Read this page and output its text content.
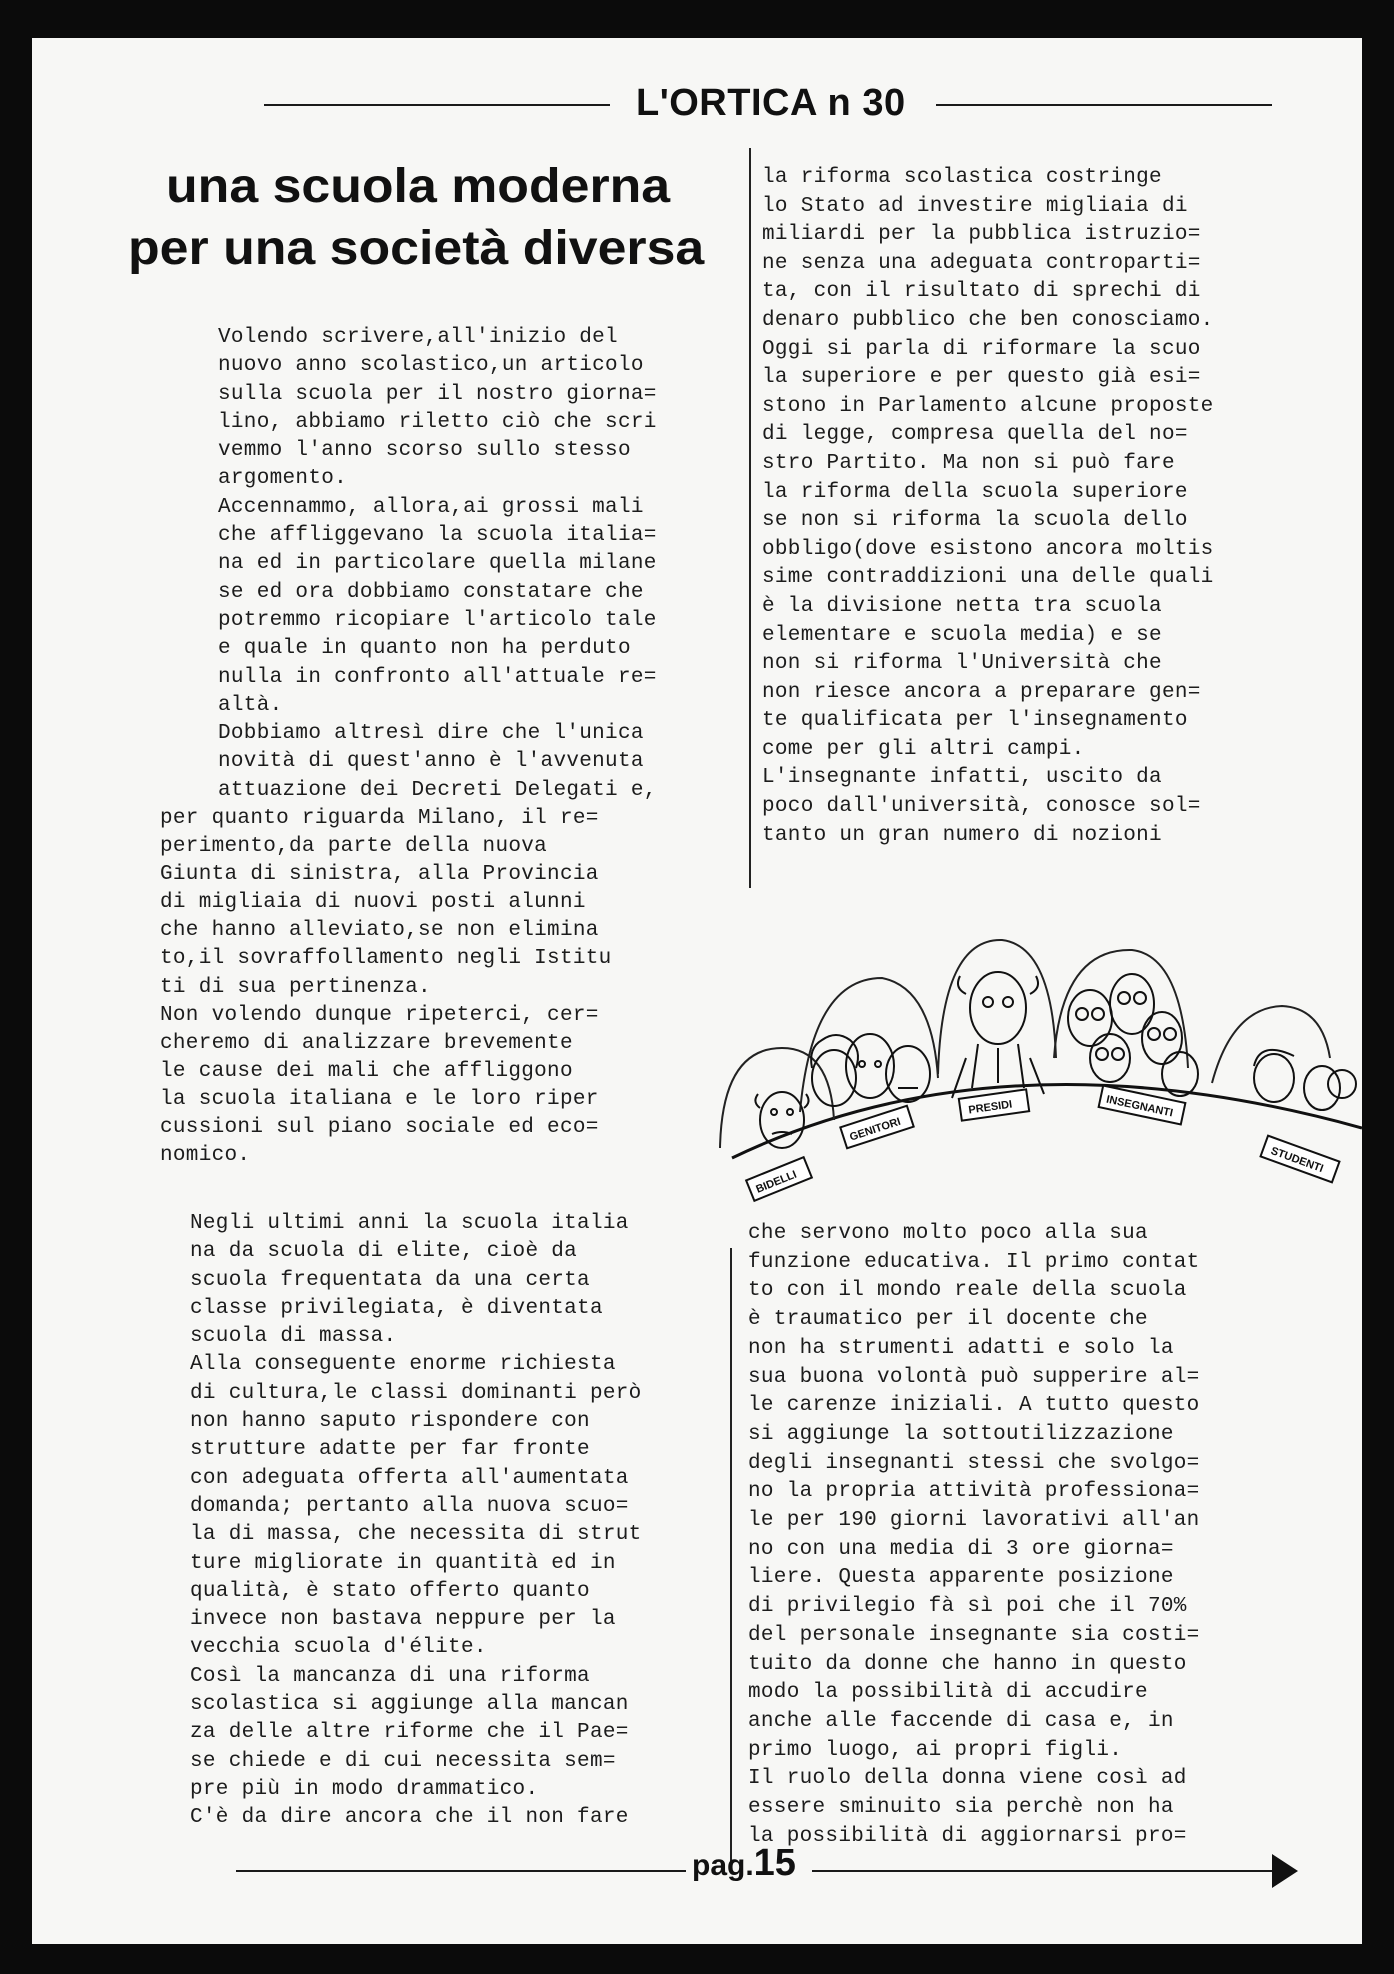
L'ORTICA n 30
una scuola moderna
per una società diversa
Volendo scrivere,all'inizio del
nuovo anno scolastico,un articolo
sulla scuola per il nostro giorna=
lino, abbiamo riletto ciò che scri
vemmo l'anno scorso sullo stesso
argomento.
Accennammo, allora,ai grossi mali
che affliggevano la scuola italia=
na ed in particolare quella milane
se ed ora dobbiamo constatare che
potremmo ricopiare l'articolo tale
e quale in quanto non ha perduto
nulla in confronto all'attuale re=
altà.
Dobbiamo altresì dire che l'unica
novità di quest'anno è l'avvenuta
attuazione dei Decreti Delegati e,
per quanto riguarda Milano, il re=
perimento,da parte della nuova
Giunta di sinistra, alla Provincia
di migliaia di nuovi posti alunni
che hanno alleviato,se non elimina
to,il sovraffollamento negli Istitu
ti di sua pertinenza.
Non volendo dunque ripeterci, cer=
cheremo di analizzare brevemente
le cause dei mali che affliggono
la scuola italiana e le loro riper
cussioni sul piano sociale ed eco=
nomico.
la riforma scolastica costringe
lo Stato ad investire migliaia di
miliardi per la pubblica istruzio=
ne senza una adeguata controparti=
ta, con il risultato di sprechi di
denaro pubblico che ben conosciamo.
Oggi si parla di riformare la scuo
la superiore e per questo già esi=
stono in Parlamento alcune proposte
di legge, compresa quella del no=
stro Partito. Ma non si può fare
la riforma della scuola superiore
se non si riforma la scuola dello
obbligo(dove esistono ancora moltis
sime contraddizioni una delle quali
è la divisione netta tra scuola
elementare e scuola media) e se
non si riforma l'Università che
non riesce ancora a preparare gen=
te qualificata per l'insegnamento
come per gli altri campi.
L'insegnante infatti, uscito da
poco dall'università, conosce sol=
tanto un gran numero di nozioni
Negli ultimi anni la scuola italia
na da scuola di elite, cioè da
scuola frequentata da una certa
classe privilegiata, è diventata
scuola di massa.
Alla conseguente enorme richiesta
di cultura,le classi dominanti però
non hanno saputo rispondere con
strutture adatte per far fronte
con adeguata offerta all'aumentata
domanda; pertanto alla nuova scuo=
la di massa, che necessita di strut
ture migliorate in quantità ed in
qualità, è stato offerto quanto
invece non bastava neppure per la
vecchia scuola d'élite.
Così la mancanza di una riforma
scolastica si aggiunge alla mancan
za delle altre riforme che il Pae=
se chiede e di cui necessita sem=
pre più in modo drammatico.
C'è da dire ancora che il non fare
che servono molto poco alla sua
funzione educativa. Il primo contat
to con il mondo reale della scuola
è traumatico per il docente che
non ha strumenti adatti e solo la
sua buona volontà può supperire al=
le carenze iniziali. A tutto questo
si aggiunge la sottoutilizzazione
degli insegnanti stessi che svolgo=
no la propria attività professiona=
le per 190 giorni lavorativi all'an
no con una media di 3 ore giorna=
liere. Questa apparente posizione
di privilegio fà sì poi che il 70%
del personale insegnante sia costi=
tuito da donne che hanno in questo
modo la possibilità di accudire
anche alle faccende di casa e, in
primo luogo, ai propri figli.
Il ruolo della donna viene così ad
essere sminuito sia perchè non ha
la possibilità di aggiornarsi pro=
BIDELLI
GENITORI
PRESIDI	INSEGNANTI
STUDENTI
pag.15
